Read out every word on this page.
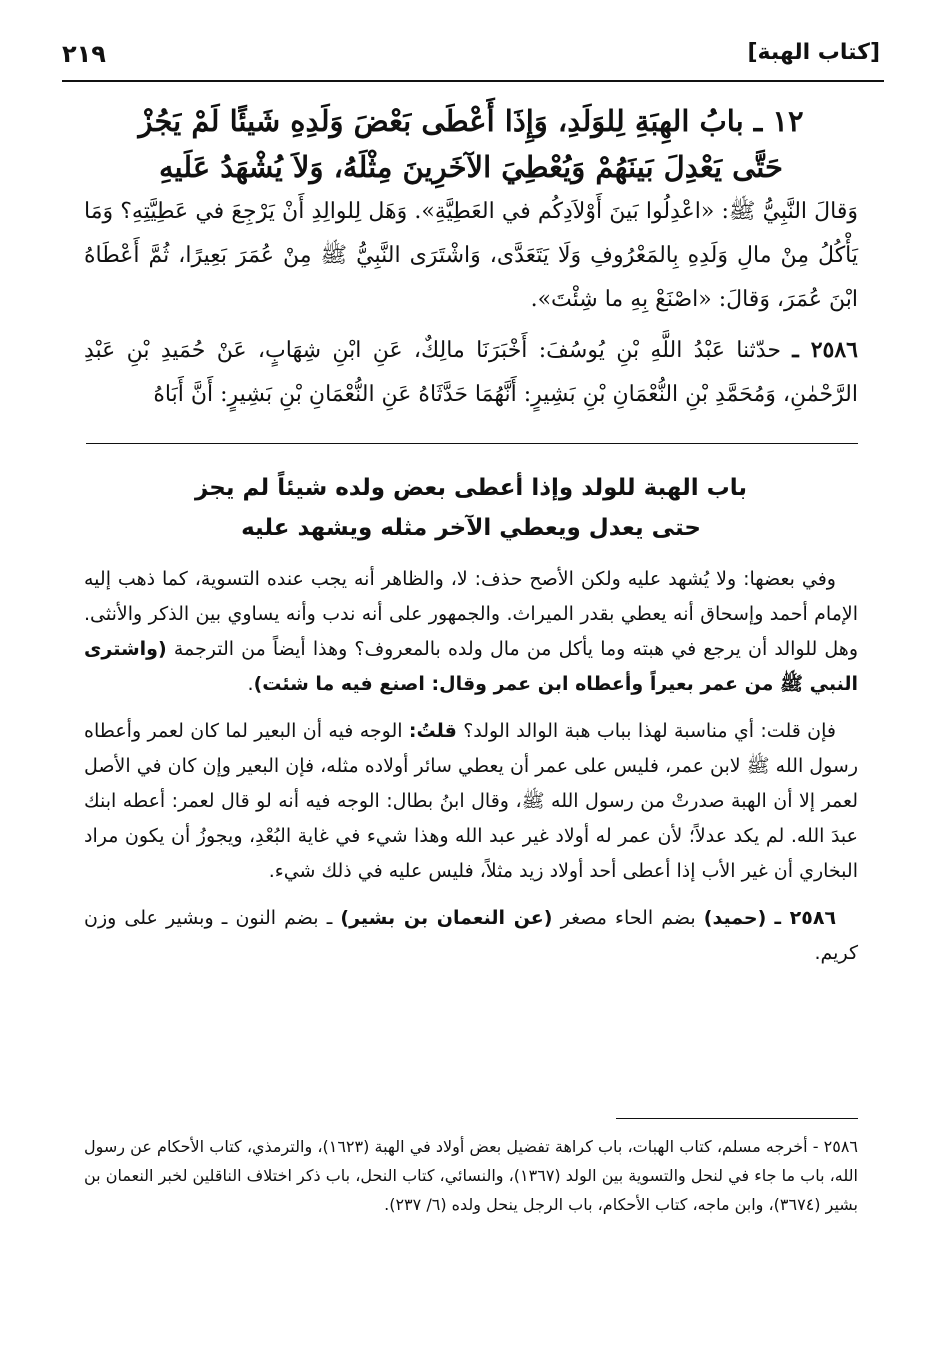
[كتاب الهبة]
٢١٩
١٢ ـ بابُ الهِبَةِ لِلوَلَدِ، وَإِذَا أَعْطَى بَعْضَ وَلَدِهِ شَيئًا لَمْ يَجُزْ
حَتَّى يَعْدِلَ بَينَهُمْ وَيُعْطِيَ الآخَرِينَ مِثْلَهُ، وَلاَ يُشْهَدُ عَلَيهِ

وَقالَ النَّبِيُّ ﷺ: «اعْدِلُوا بَينَ أَوْلاَدِكُم في العَطِيَّةِ». وَهَل لِلوالِدِ أَنْ يَرْجِعَ في عَطِيَّتِهِ؟ وَمَا يَأْكُلُ مِنْ مالِ وَلَدِهِ بِالمَعْرُوفِ وَلَا يَتَعَدَّى، وَاشْتَرَى النَّبِيُّ ﷺ مِنْ عُمَرَ بَعِيرًا، ثُمَّ أَعْطَاهُ ابْنَ عُمَرَ، وَقالَ: «اصْنَعْ بِهِ ما شِئْتَ».

٢٥٨٦ ـ حدّثنا عَبْدُ اللَّهِ بْنِ يُوسُفَ: أَخْبَرَنَا مالِكٌ، عَنِ ابْنِ شِهَابٍ، عَنْ حُمَيدِ بْنِ عَبْدِ الرَّحْمٰنِ، وَمُحَمَّدِ بْنِ النُّعْمَانِ بْنِ بَشِيرٍ: أَنَّهُمَا حَدَّثَاهُ عَنِ النُّعْمَانِ بْنِ بَشِيرٍ: أَنَّ أَبَاهُ

باب الهبة للولد وإذا أعطى بعض ولده شيئاً لم يجز
حتى يعدل ويعطي الآخر مثله ويشهد عليه

وفي بعضها: ولا يُشهد عليه ولكن الأصح حذف: لا، والظاهر أنه يجب عنده التسوية، كما ذهب إليه الإمام أحمد وإسحاق أنه يعطي بقدر الميراث. والجمهور على أنه ندب وأنه يساوي بين الذكر والأنثى. وهل للوالد أن يرجع في هبته وما يأكل من مال ولده بالمعروف؟ وهذا أيضاً من الترجمة (واشترى النبي ﷺ من عمر بعيراً وأعطاه ابن عمر وقال: اصنع فيه ما شئت).

فإن قلت: أي مناسبة لهذا بباب هبة الوالد الولد؟ قلتُ: الوجه فيه أن البعير لما كان لعمر وأعطاه رسول الله ﷺ لابن عمر، فليس على عمر أن يعطي سائر أولاده مثله، فإن البعير وإن كان في الأصل لعمر إلا أن الهبة صدرتْ من رسول الله ﷺ، وقال ابنُ بطال: الوجه فيه أنه لو قال لعمر: أعطه ابنك عبدَ الله. لم يكد عدلاً؛ لأن عمر له أولاد غير عبد الله وهذا شيء في غاية البُعْدِ، ويجوزُ أن يكون مراد البخاري أن غير الأب إذا أعطى أحد أولاد زيد مثلاً، فليس عليه في ذلك شيء.

٢٥٨٦ ـ (حميد) بضم الحاء مصغر (عن النعمان بن بشير) ـ بضم النون ـ وبشير على وزن كريم.

٢٥٨٦ - أخرجه مسلم، كتاب الهبات، باب كراهة تفضيل بعض أولاد في الهبة (١٦٢٣)، والترمذي، كتاب الأحكام عن رسول الله، باب ما جاء في لنحل والتسوية بين الولد (١٣٦٧)، والنسائي، كتاب النحل، باب ذكر اختلاف الناقلين لخبر النعمان بن بشير (٣٦٧٤)، وابن ماجه، كتاب الأحكام، باب الرجل ينحل ولده (٦/ ٢٣٧).
